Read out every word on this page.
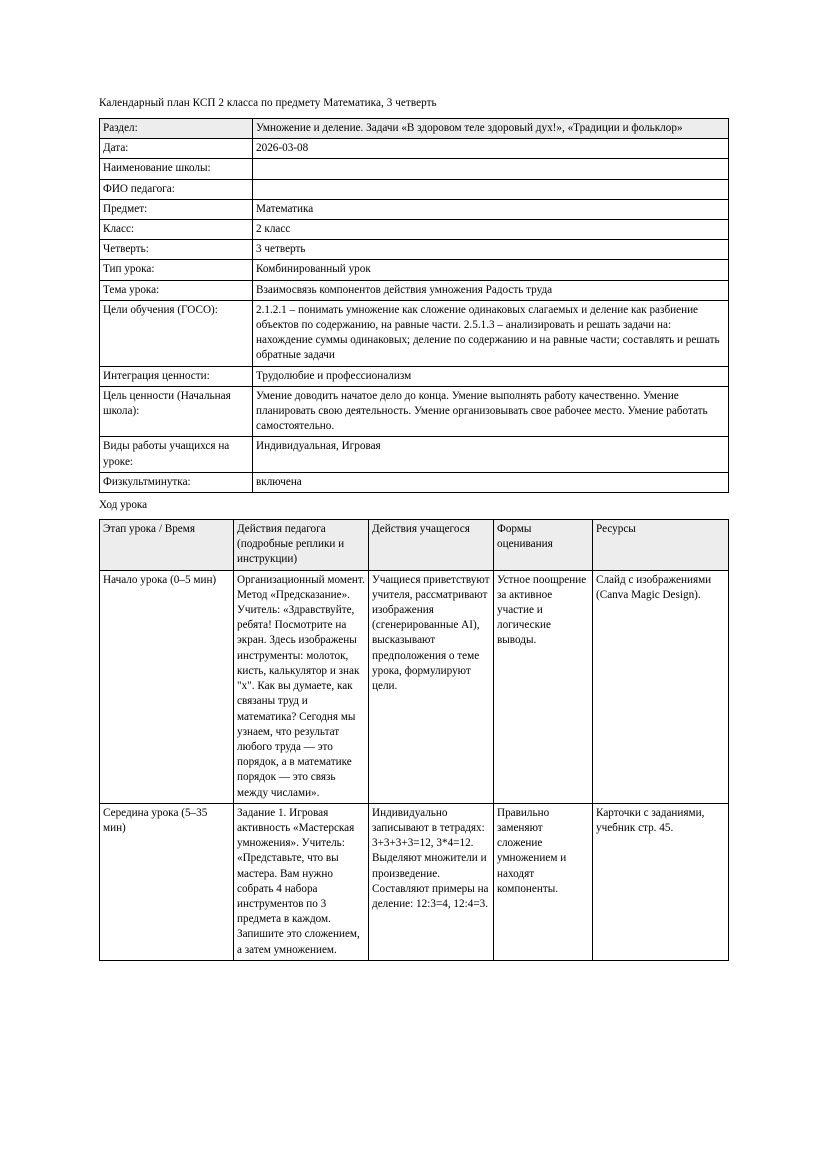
Календарный план КСП 2 класса по предмету Математика, 3 четверть

Раздел:	Умножение и деление. Задачи «В здоровом теле здоровый дух!», «Традиции и фольклор»
Дата:	2026-03-08
Наименование школы:	
ФИО педагога:	
Предмет:	Математика
Класс:	2 класс
Четверть:	3 четверть
Тип урока:	Комбинированный урок
Тема урока:	Взаимосвязь компонентов действия умножения Радость труда
Цели обучения (ГОСО):	2.1.2.1 – понимать умножение как сложение одинаковых слагаемых и деление как разбиение объектов по содержанию, на равные части. 2.5.1.3 – анализировать и решать задачи на: нахождение суммы одинаковых; деление по содержанию и на равные части; составлять и решать обратные задачи
Интеграция ценности:	Трудолюбие и профессионализм
Цель ценности (Начальная школа):	Умение доводить начатое дело до конца. Умение выполнять работу качественно. Умение планировать свою деятельность. Умение организовывать свое рабочее место. Умение работать самостоятельно.
Виды работы учащихся на уроке:	Индивидуальная, Игровая
Физкультминутка:	включена

Ход урока

Этап урока / Время	Действия педагога (подробные реплики и инструкции)	Действия учащегося	Формы оценивания	Ресурсы
Начало урока (0–5 мин)	Организационный момент. Метод «Предсказание». Учитель: «Здравствуйте, ребята! Посмотрите на экран. Здесь изображены инструменты: молоток, кисть, калькулятор и знак "х". Как вы думаете, как связаны труд и математика? Сегодня мы узнаем, что результат любого труда — это порядок, а в математике порядок — это связь между числами».	Учащиеся приветствуют учителя, рассматривают изображения (сгенерированные AI), высказывают предположения о теме урока, формулируют цели.	Устное поощрение за активное участие и логические выводы.	Слайд с изображениями (Canva Magic Design).
Середина урока (5–35 мин)	Задание 1. Игровая активность «Мастерская умножения». Учитель: «Представьте, что вы мастера. Вам нужно собрать 4 набора инструментов по 3 предмета в каждом. Запишите это сложением, а затем умножением.	Индивидуально записывают в тетрадях: 3+3+3+3=12, 3*4=12. Выделяют множители и произведение. Составляют примеры на деление: 12:3=4, 12:4=3.	Правильно заменяют сложение умножением и находят компоненты.	Карточки с заданиями, учебник стр. 45.
